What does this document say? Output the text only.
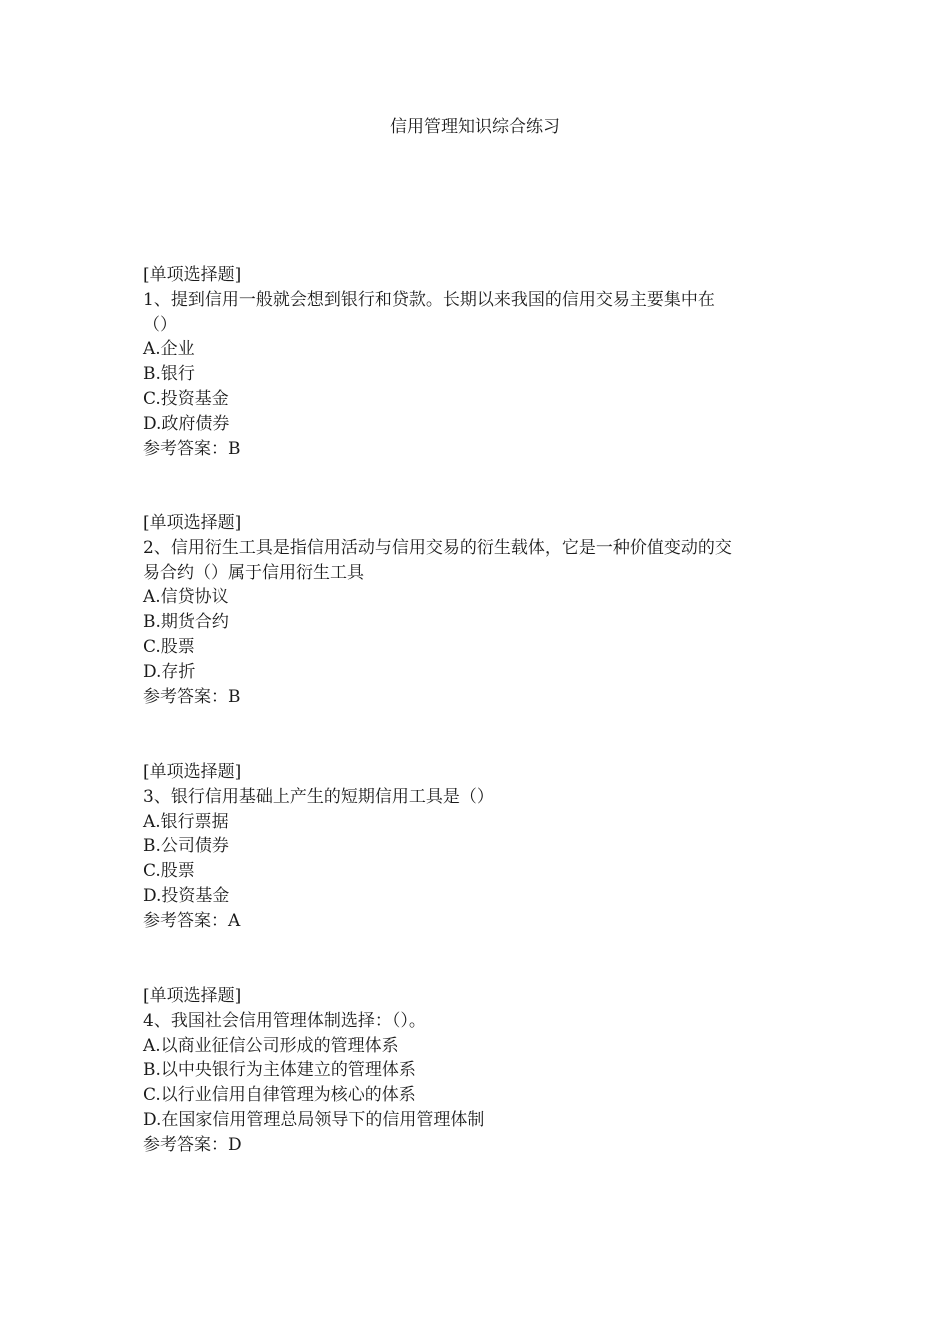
信用管理知识综合练习
[单项选择题]
1、提到信用一般就会想到银行和贷款。长期以来我国的信用交易主要集中在
（）
A.企业
B.银行
C.投资基金
D.政府债券
参考答案：B
[单项选择题]
2、信用衍生工具是指信用活动与信用交易的衍生载体，它是一种价值变动的交
易合约（）属于信用衍生工具
A.信贷协议
B.期货合约
C.股票
D.存折
参考答案：B
[单项选择题]
3、银行信用基础上产生的短期信用工具是（）
A.银行票据
B.公司债券
C.股票
D.投资基金
参考答案：A
[单项选择题]
4、我国社会信用管理体制选择：（）。
A.以商业征信公司形成的管理体系
B.以中央银行为主体建立的管理体系
C.以行业信用自律管理为核心的体系
D.在国家信用管理总局领导下的信用管理体制
参考答案：D
